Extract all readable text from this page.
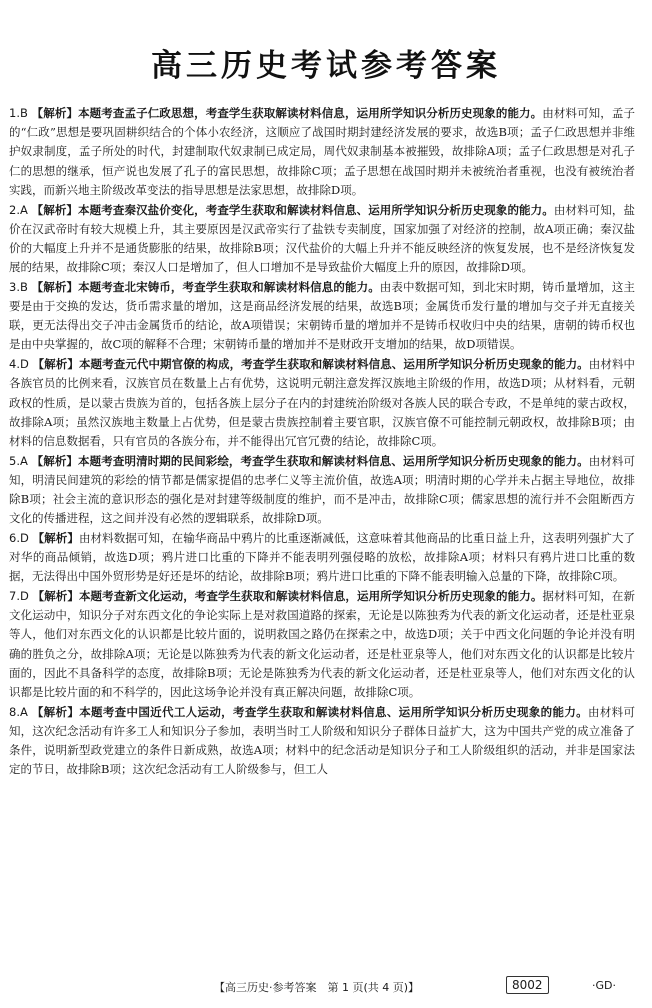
高三历史考试参考答案

1.B 【解析】本题考查孟子仁政思想，考查学生获取解读材料信息，运用所学知识分析历史现象的能力。由材料可知，孟子的“仁政”思想是要巩固耕织结合的个体小农经济，这顺应了战国时期封建经济发展的要求，故选B项；孟子仁政思想并非维护奴隶制度，孟子所处的时代，封建制取代奴隶制已成定局，周代奴隶制基本被摧毁，故排除A项；孟子仁政思想是对孔子仁的思想的继承，恒产说也发展了孔子的富民思想，故排除C项；孟子思想在战国时期并未被统治者重视，也没有被统治者实践，而新兴地主阶级改革变法的指导思想是法家思想，故排除D项。

2.A 【解析】本题考查秦汉盐价变化，考查学生获取和解读材料信息、运用所学知识分析历史现象的能力。由材料可知，盐价在汉武帝时有较大规模上升，其主要原因是汉武帝实行了盐铁专卖制度，国家加强了对经济的控制，故A项正确；秦汉盐价的大幅度上升并不是通货膨胀的结果，故排除B项；汉代盐价的大幅上升并不能反映经济的恢复发展，也不是经济恢复发展的结果，故排除C项；秦汉人口是增加了，但人口增加不是导致盐价大幅度上升的原因，故排除D项。

3.B 【解析】本题考查北宋铸币，考查学生获取和解读材料信息的能力。由表中数据可知，到北宋时期，铸币量增加，这主要是由于交换的发达，货币需求量的增加，这是商品经济发展的结果，故选B项；金属货币发行量的增加与交子并无直接关联，更无法得出交子冲击金属货币的结论，故A项错误；宋朝铸币量的增加并不是铸币权收归中央的结果，唐朝的铸币权也是由中央掌握的，故C项的解释不合理；宋朝铸币量的增加并不是财政开支增加的结果，故D项错误。

4.D 【解析】本题考查元代中期官僚的构成，考查学生获取和解读材料信息、运用所学知识分析历史现象的能力。由材料中各族官员的比例来看，汉族官员在数量上占有优势，这说明元朝注意发挥汉族地主阶级的作用，故选D项；从材料看，元朝政权的性质，是以蒙古贵族为首的，包括各族上层分子在内的封建统治阶级对各族人民的联合专政，不是单纯的蒙古政权，故排除A项；虽然汉族地主数量上占优势，但是蒙古贵族控制着主要官职，汉族官僚不可能控制元朝政权，故排除B项；由材料的信息数据看，只有官员的各族分布，并不能得出冗官冗费的结论，故排除C项。

5.A 【解析】本题考查明清时期的民间彩绘，考查学生获取和解读材料信息、运用所学知识分析历史现象的能力。由材料可知，明清民间建筑的彩绘的情节都是儒家提倡的忠孝仁义等主流价值，故选A项；明清时期的心学并未占据主导地位，故排除B项；社会主流的意识形态的强化是对封建等级制度的维护，而不是冲击，故排除C项；儒家思想的流行并不会阻断西方文化的传播进程，这之间并没有必然的逻辑联系，故排除D项。

6.D 【解析】由材料数据可知，在输华商品中鸦片的比重逐渐减低，这意味着其他商品的比重日益上升，这表明列强扩大了对华的商品倾销，故选D项；鸦片进口比重的下降并不能表明列强侵略的放松，故排除A项；材料只有鸦片进口比重的数据，无法得出中国外贸形势是好还是坏的结论，故排除B项；鸦片进口比重的下降不能表明输入总量的下降，故排除C项。

7.D 【解析】本题考查新文化运动，考查学生获取和解读材料信息，运用所学知识分析历史现象的能力。据材料可知，在新文化运动中，知识分子对东西文化的争论实际上是对救国道路的探索，无论是以陈独秀为代表的新文化运动者，还是杜亚泉等人，他们对东西文化的认识都是比较片面的，说明救国之路仍在探索之中，故选D项；关于中西文化问题的争论并没有明确的胜负之分，故排除A项；无论是以陈独秀为代表的新文化运动者，还是杜亚泉等人，他们对东西文化的认识都是比较片面的，因此不具备科学的态度，故排除B项；无论是陈独秀为代表的新文化运动者，还是杜亚泉等人，他们对东西文化的认识都是比较片面的和不科学的，因此这场争论并没有真正解决问题，故排除C项。

8.A 【解析】本题考查中国近代工人运动，考查学生获取和解读材料信息、运用所学知识分析历史现象的能力。由材料可知，这次纪念活动有许多工人和知识分子参加，表明当时工人阶级和知识分子群体日益扩大，这为中国共产党的成立准备了条件，说明新型政党建立的条件日新成熟，故选A项；材料中的纪念活动是知识分子和工人阶级组织的活动，并非是国家法定的节日，故排除B项；这次纪念活动有工人阶级参与，但工人

【高三历史·参考答案　第 1 页(共 4 页)】	8002	·GD·
